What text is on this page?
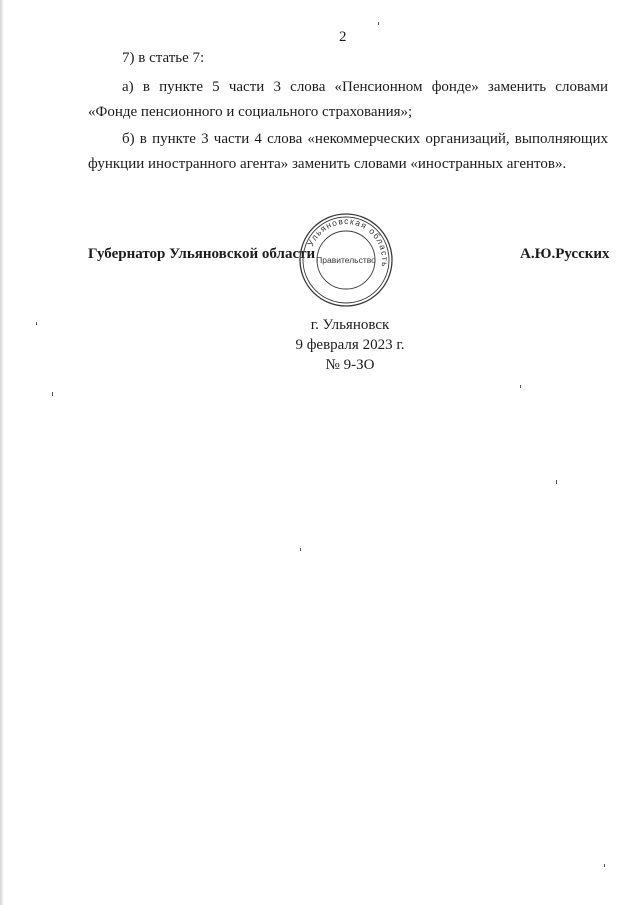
2
7) в статье 7:
а) в пункте 5 части 3 слова «Пенсионном фонде» заменить словами
«Фонде пенсионного и социального страхования»;
б) в пункте 3 части 4 слова «некоммерческих организаций, выполняющих
функции иностранного агента» заменить словами «иностранных агентов».
Губернатор Ульяновской области
Ульяновская область
Правительство	А.Ю.Русских
г. Ульяновск
9 февраля 2023 г.
№ 9-ЗО
